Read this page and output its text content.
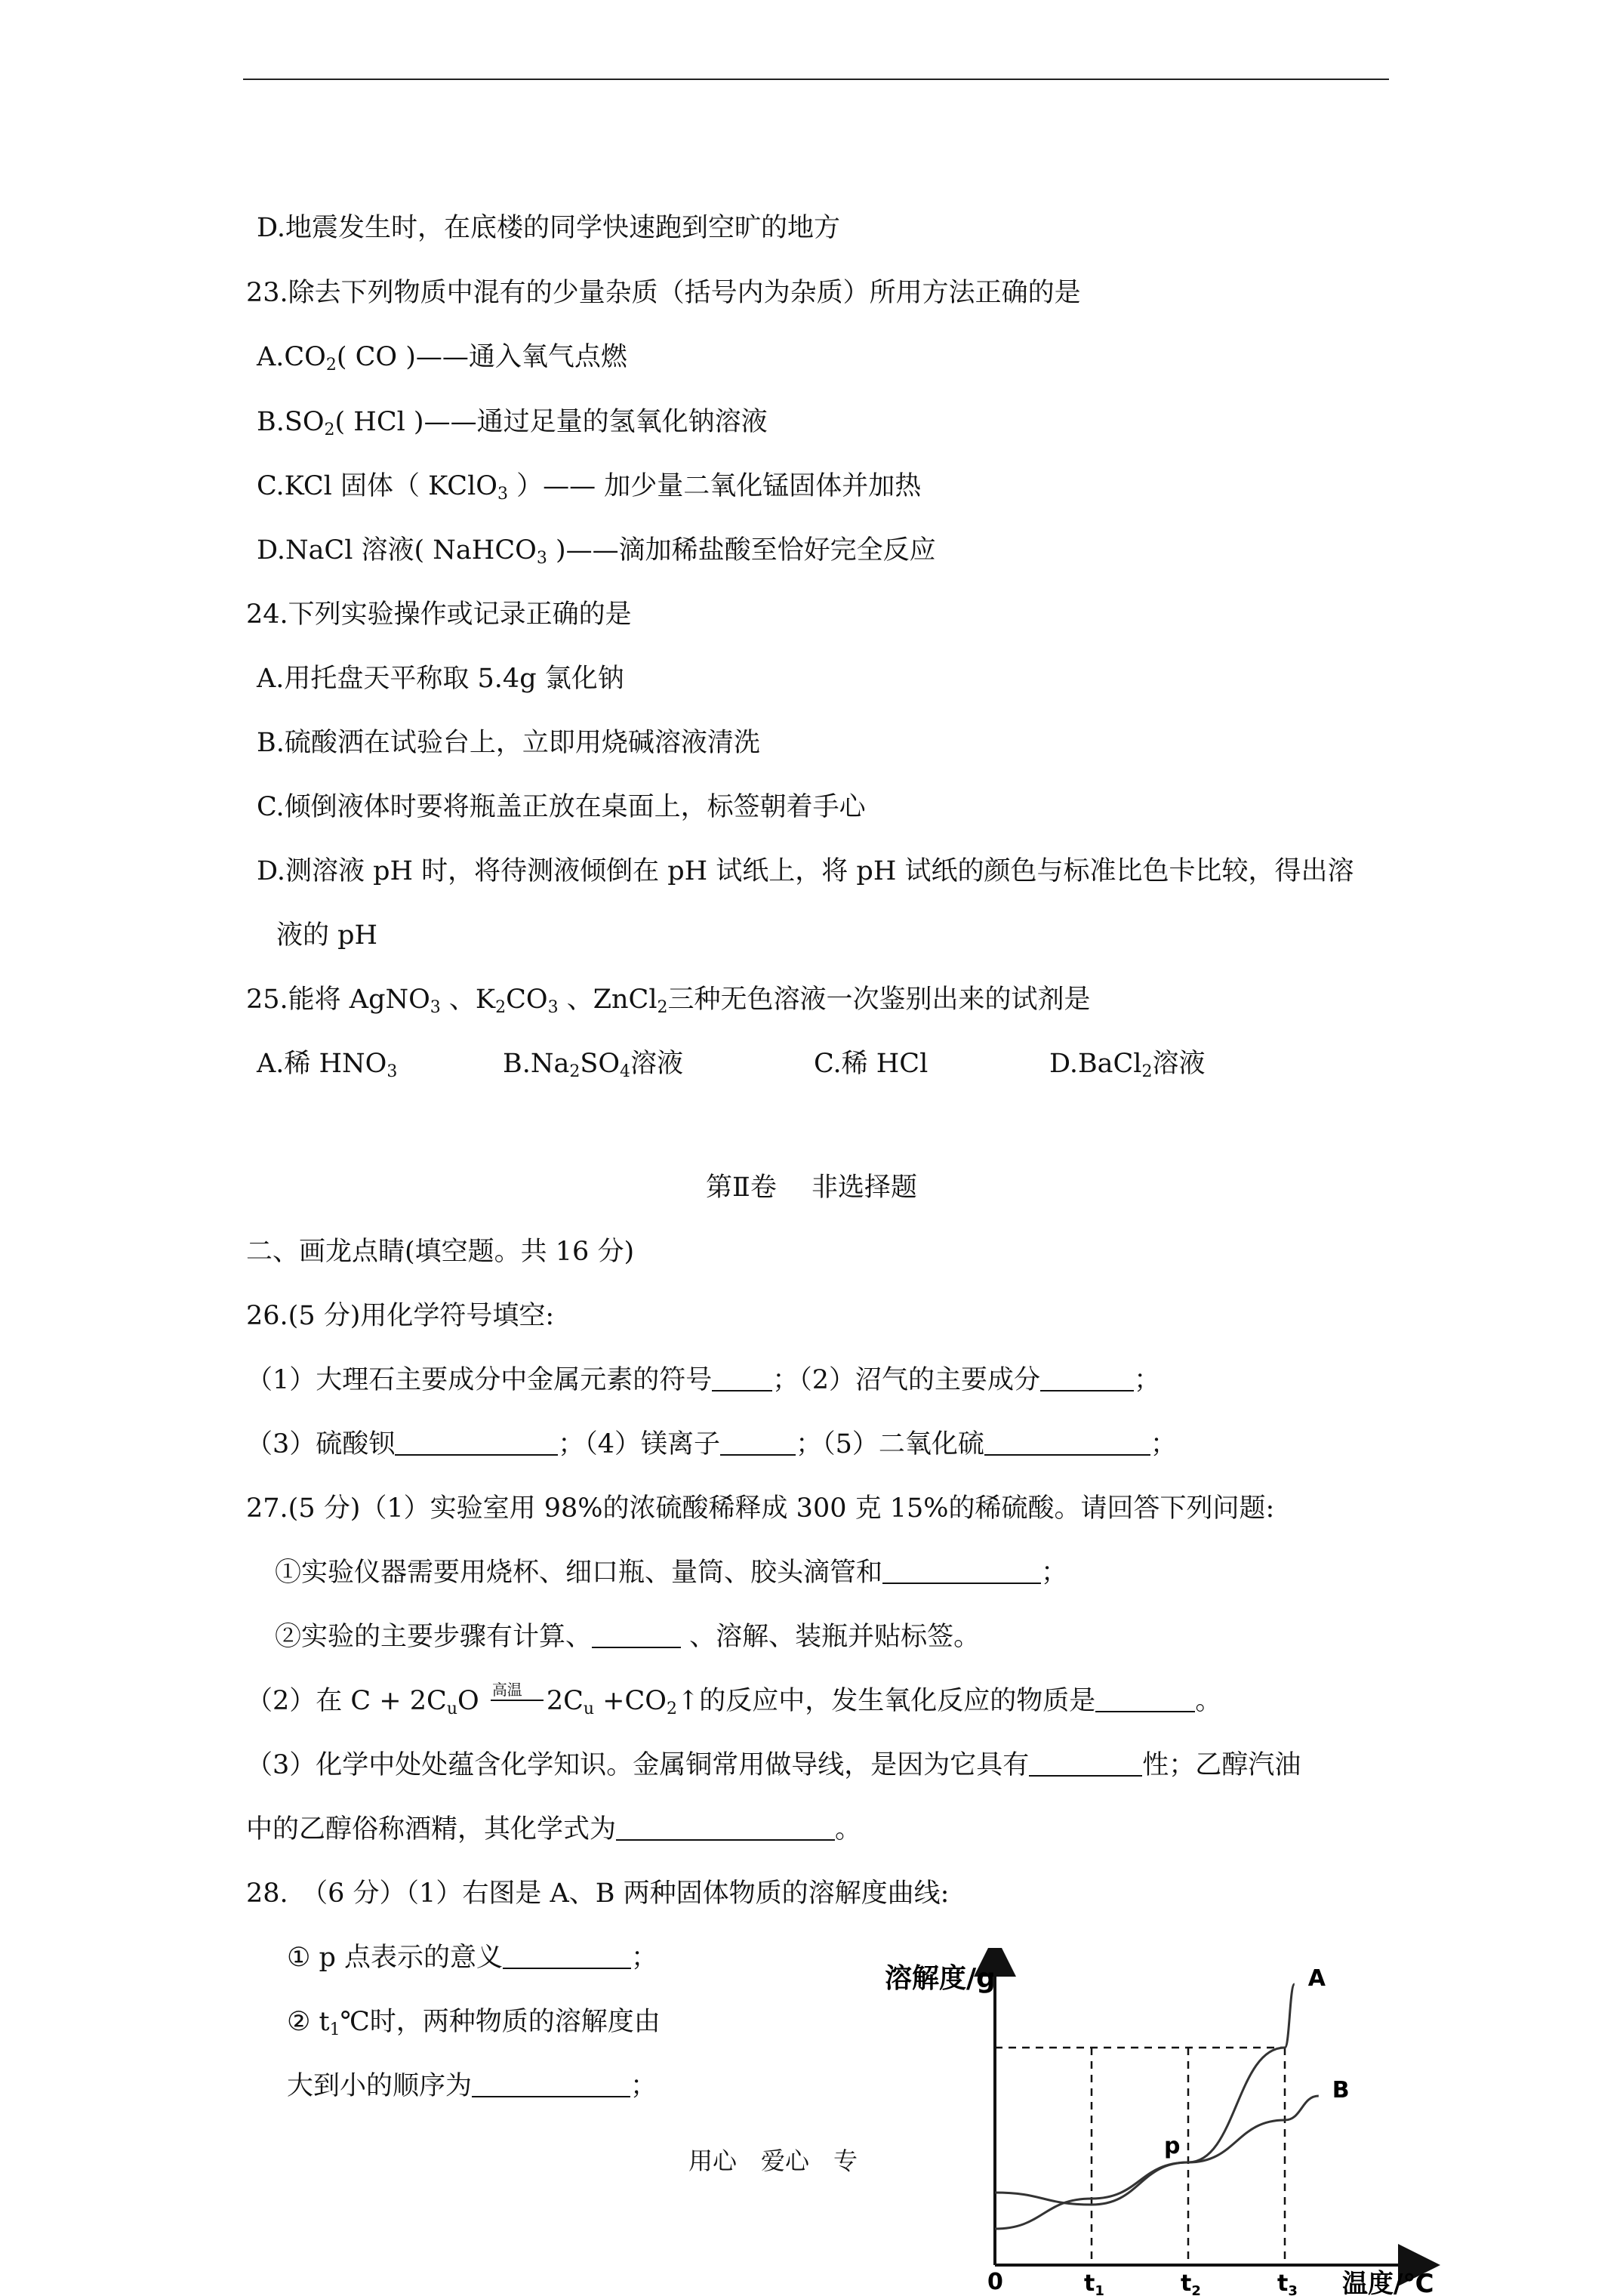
D.地震发生时，在底楼的同学快速跑到空旷的地方
23.除去下列物质中混有的少量杂质（括号内为杂质）所用方法正确的是
$A.CO_2$( CO )——通入氧气点燃
$B.SO_2$( HCl )——通过足量的氢氧化钠溶液
C.KCl 固体（ KClO$_3$ ）—— 加少量二氧化锰固体并加热
D.NaCl 溶液( NaHCO$_3$ )——滴加稀盐酸至恰好完全反应
24.下列实验操作或记录正确的是
A.用托盘天平称取 5.4g 氯化钠
B.硫酸洒在试验台上，立即用烧碱溶液清洗
C.倾倒液体时要将瓶盖正放在桌面上，标签朝着手心
D.测溶液 pH 时，将待测液倾倒在 pH 试纸上，将 pH 试纸的颜色与标准比色卡比较，得出溶
液的 pH
25.能将 AgNO$_3$ 、$K_2CO_3$ 、ZnCl$_2$三种无色溶液一次鉴别出来的试剂是
A.稀 $HNO_3$	$B.Na_2SO_4$溶液	C.稀 HCl	D.BaCl$_2$溶液
第Ⅱ卷　 非选择题
二、画龙点睛(填空题。共 16 分)
26.(5 分)用化学符号填空:
（1）大理石主要成分中金属元素的符号 ；（2）沼气的主要成分	；
（3）硫酸钡	；（4）镁离子	；（5）二氧化硫	；
27.(5 分)（1）实验室用 98%的浓硫酸稀释成 300 克 15%的稀硫酸。请回答下列问题:
①实验仪器需要用烧杯、细口瓶、量筒、胶头滴管和	；
②实验的主要步骤有计算、	、溶解、装瓶并贴标签。
（2）在 $C + 2C_uO$ 高温 $2C_u$ $+CO_2↑$的反应中，发生氧化反应的物质是	。
（3）化学中处处蕴含化学知识。金属铜常用做导线，是因为它具有	性；乙醇汽油
中的乙醇俗称酒精，其化学式为	。
28.　（6 分）（1）右图是 A、B 两种固体物质的溶解度曲线:
① p 点表示的意义	；
② $t_1℃$时，两种物质的溶解度由
大到小的顺序为	；
用心　爱心　专
溶解度/g
0	温度/℃
$t_1$	$t_2$	$t_3$
A
B
p
